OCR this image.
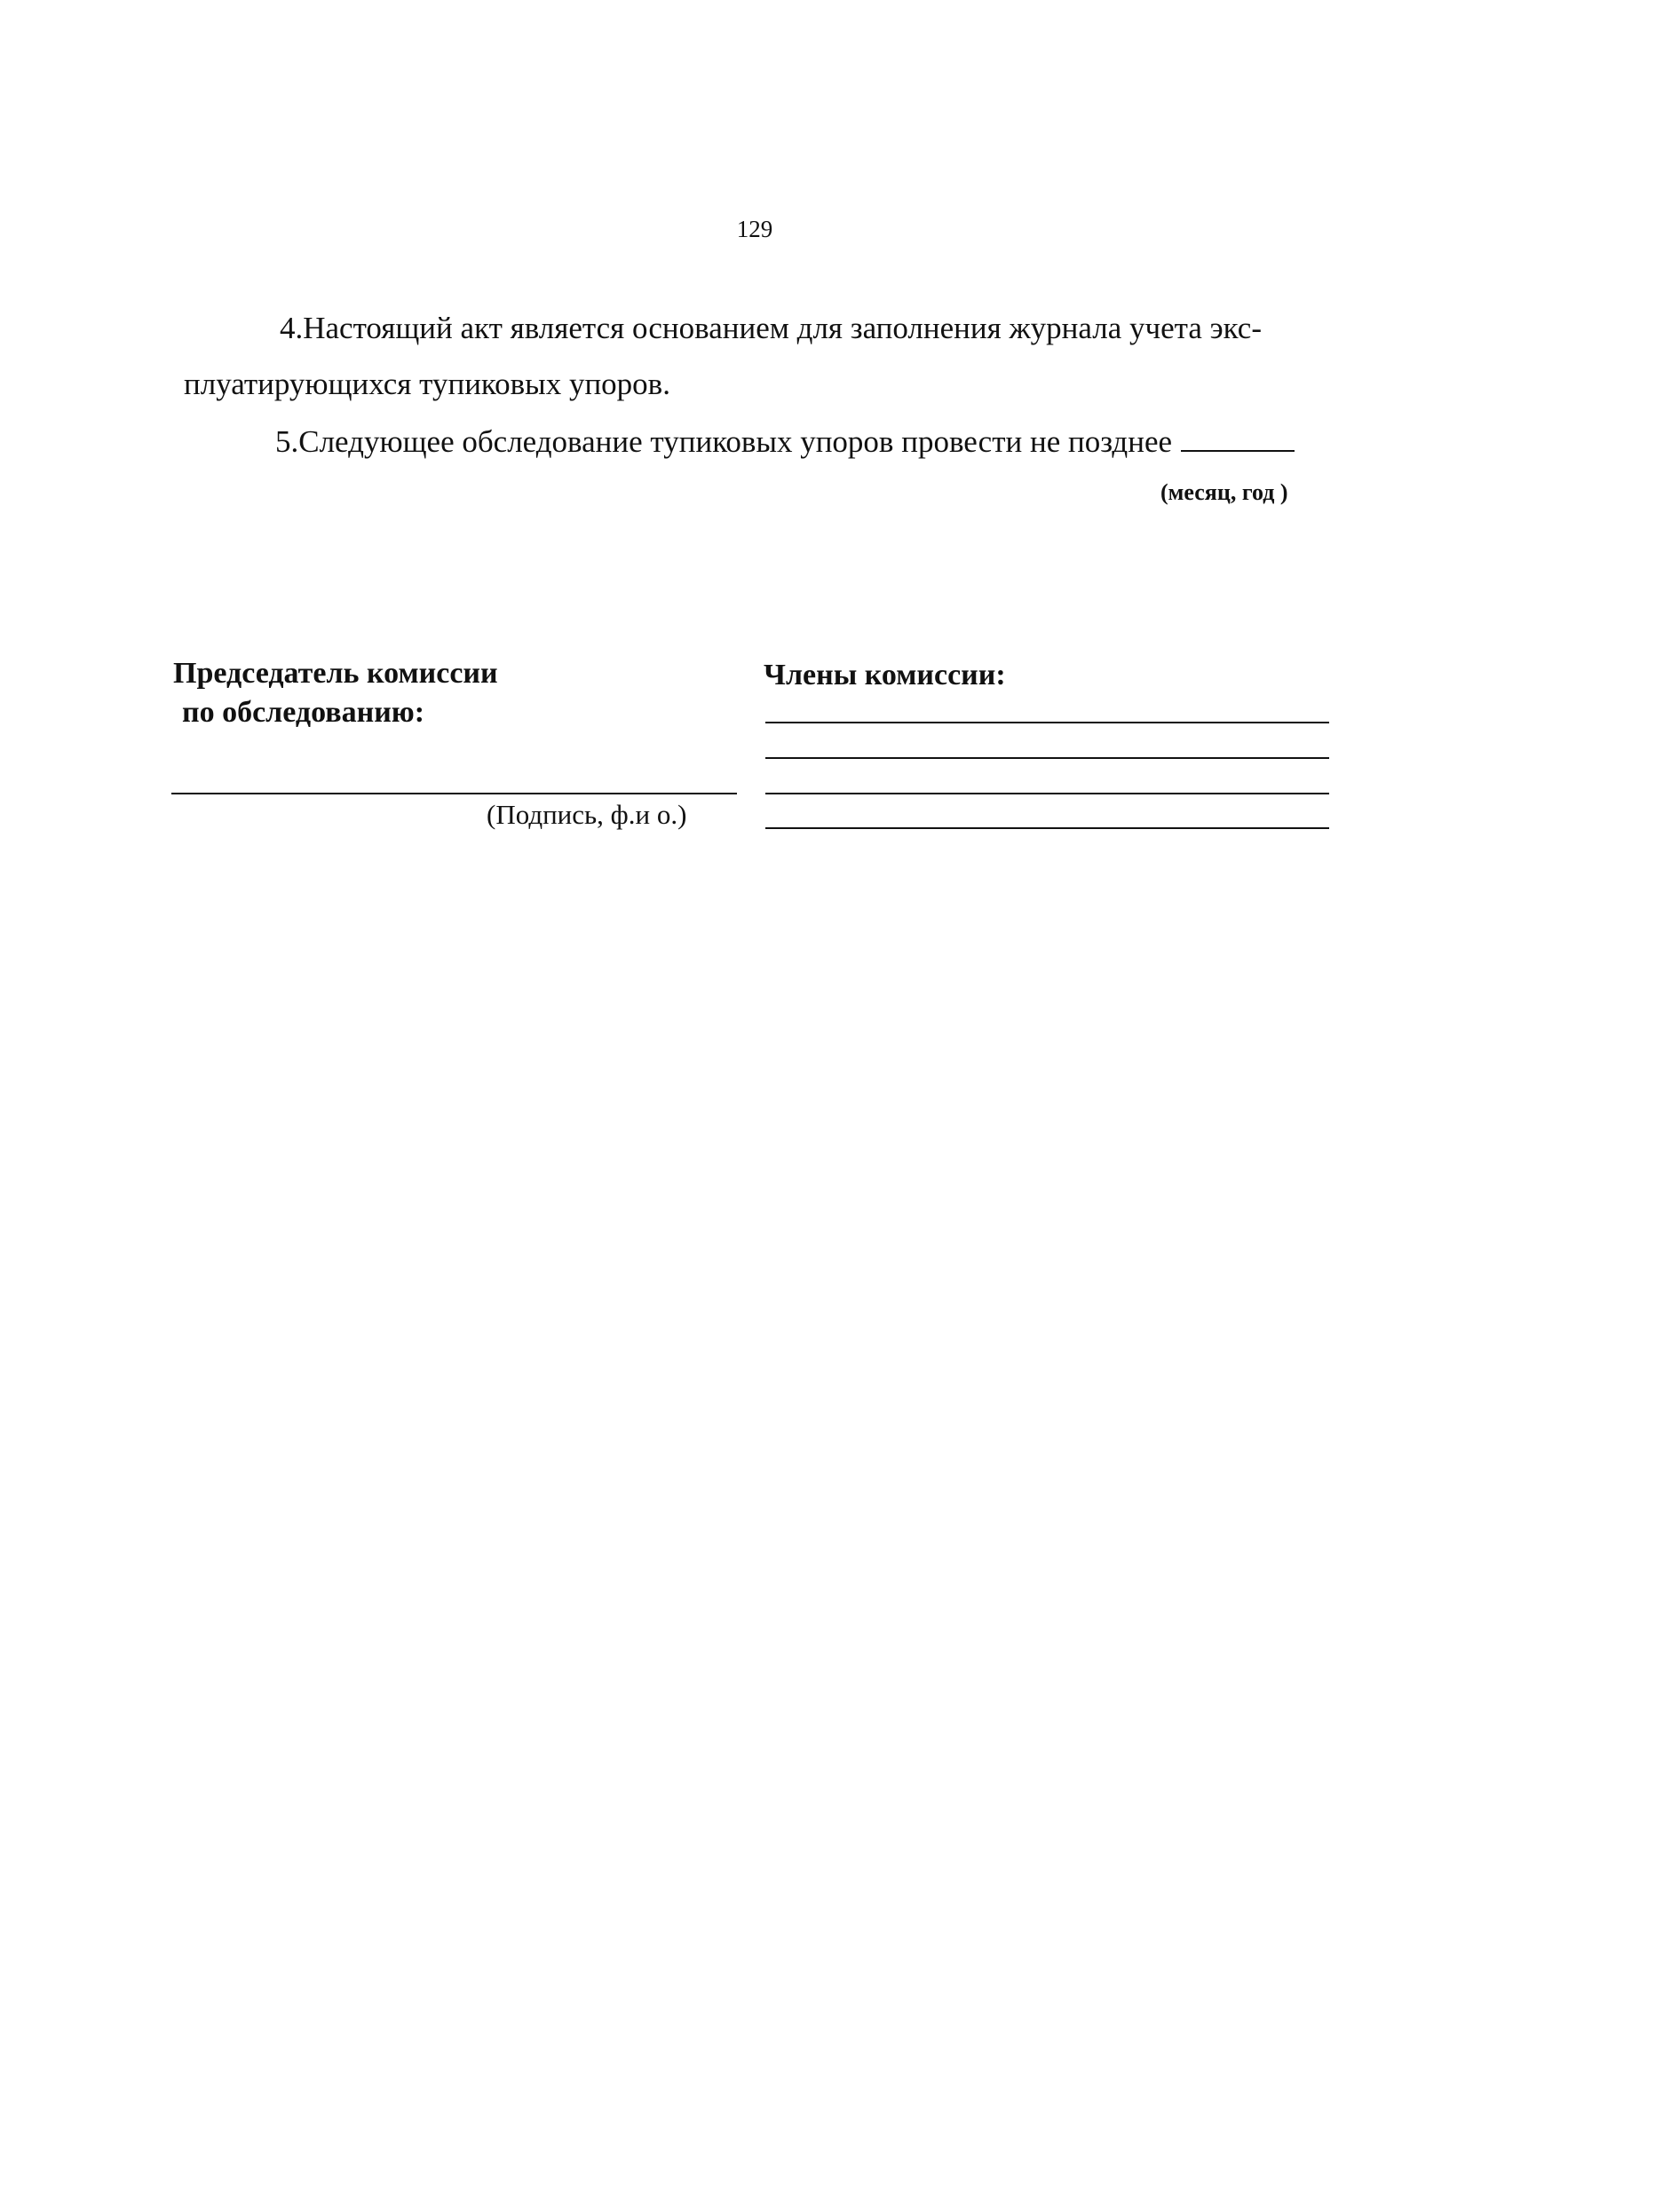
129
4.Настоящий акт является основанием для заполнения журнала учета экс-
плуатирующихся тупиковых упоров.
5.Следующее обследование тупиковых упоров провести не позднее
(месяц, год )
Председатель комиссии
по обследованию:
(Подпись, ф.и о.)
Члены комиссии:
